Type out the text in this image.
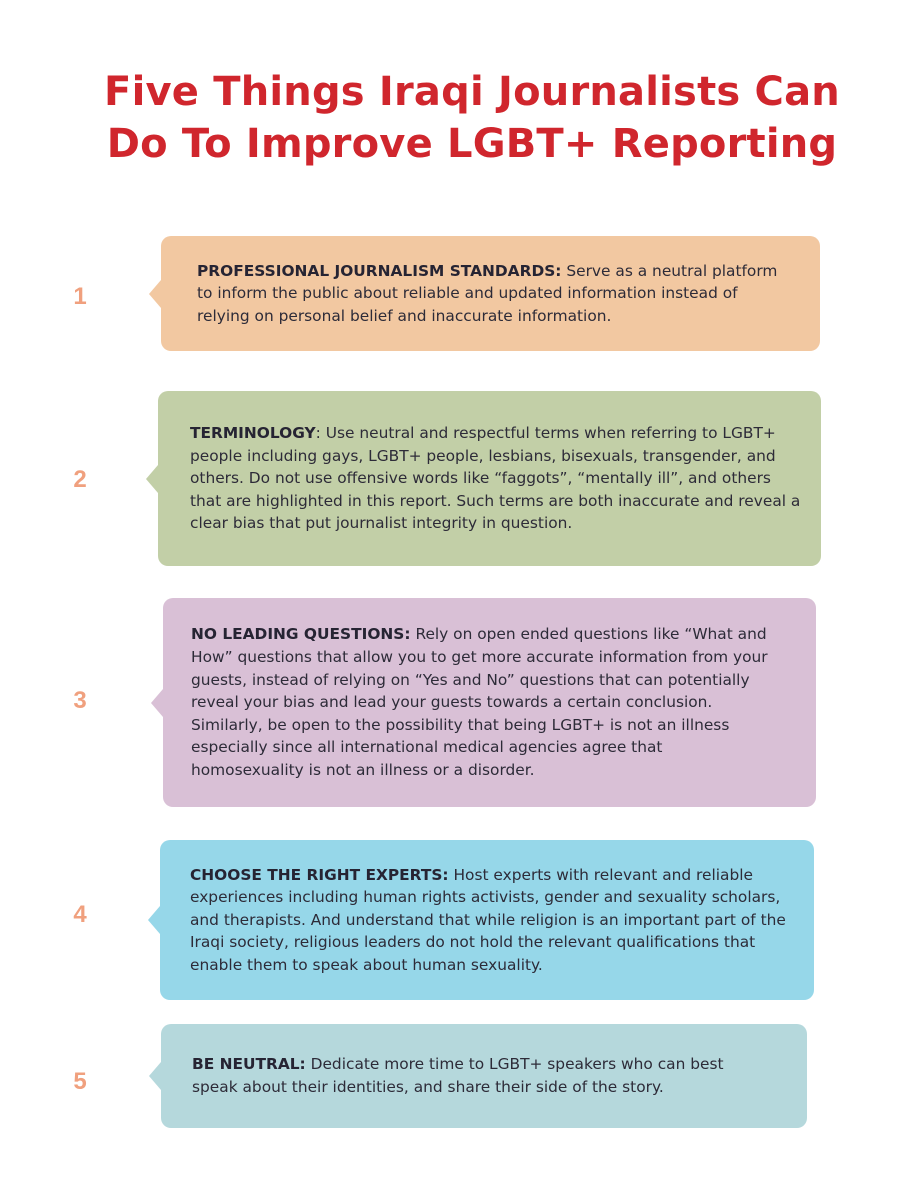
Five Things Iraqi Journalists Can
Do To Improve LGBT+ Reporting
1
PROFESSIONAL JOURNALISM STANDARDS: Serve as a neutral platform to inform the public about reliable and updated information instead of relying on personal belief and inaccurate information.
2
TERMINOLOGY: Use neutral and respectful terms when referring to LGBT+ people including gays, LGBT+ people, lesbians, bisexuals, transgender, and others. Do not use offensive words like “faggots”, “mentally ill”, and others that are highlighted in this report. Such terms are both inaccurate and reveal a clear bias that put journalist integrity in question.
3
NO LEADING QUESTIONS: Rely on open ended questions like “What and How” questions that allow you to get more accurate information from your guests, instead of relying on “Yes and No” questions that can potentially reveal your bias and lead your guests towards a certain conclusion. Similarly, be open to the possibility that being LGBT+ is not an illness especially since all international medical agencies agree that homosexuality is not an illness or a disorder.
4
CHOOSE THE RIGHT EXPERTS: Host experts with relevant and reliable experiences including human rights activists, gender and sexuality scholars, and therapists. And understand that while religion is an important part of the Iraqi society, religious leaders do not hold the relevant qualifications that enable them to speak about human sexuality.
5
BE NEUTRAL: Dedicate more time to LGBT+ speakers who can best speak about their identities, and share their side of the story.
